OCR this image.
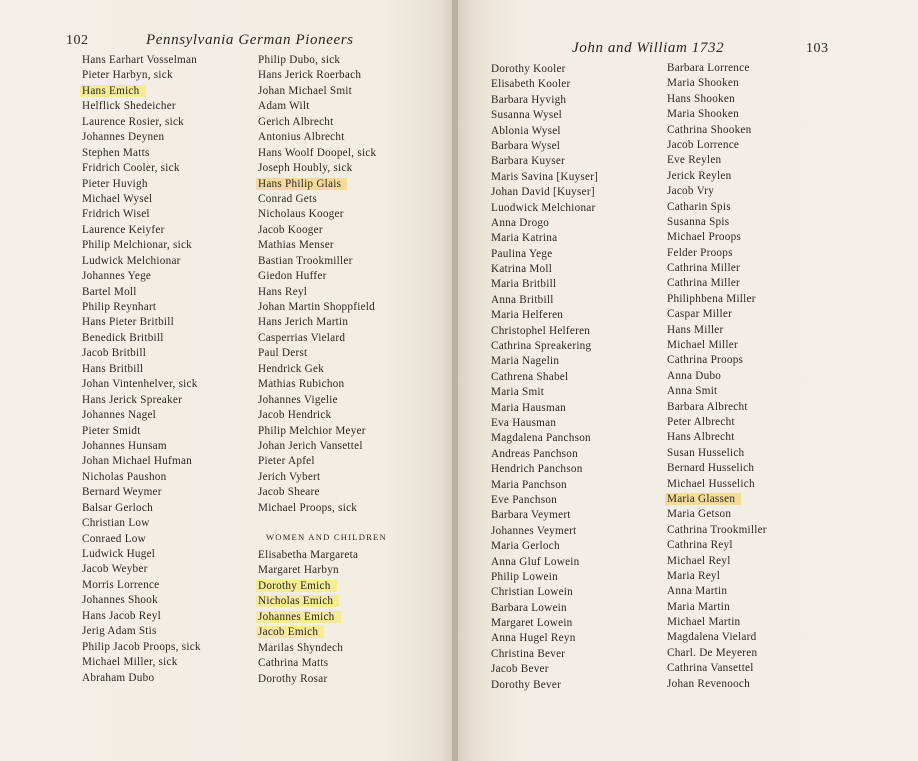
102	Pennsylvania German Pioneers
Hans Earhart Vosselman
Pieter Harbyn, sick
Hans Emich
Helflick Shedeicher
Laurence Rosier, sick
Johannes Deynen
Stephen Matts
Fridrich Cooler, sick
Pieter Huvigh
Michael Wysel
Fridrich Wisel
Laurence Keiyfer
Philip Melchionar, sick
Ludwick Melchionar
Johannes Yege
Bartel Moll
Philip Reynhart
Hans Pieter Britbill
Benedick Britbill
Jacob Britbill
Hans Britbill
Johan Vintenhelver, sick
Hans Jerick Spreaker
Johannes Nagel
Pieter Smidt
Johannes Hunsam
Johan Michael Hufman
Nicholas Paushon
Bernard Weymer
Balsar Gerloch
Christian Low
Conraed Low
Ludwick Hugel
Jacob Weyber
Morris Lorrence
Johannes Shook
Hans Jacob Reyl
Jerig Adam Stis
Philip Jacob Proops, sick
Michael Miller, sick
Abraham Dubo
Philip Dubo, sick
Hans Jerick Roerbach
Johan Michael Smit
Adam Wilt
Gerich Albrecht
Antonius Albrecht
Hans Woolf Doopel, sick
Joseph Houbly, sick
Hans Philip Glais
Conrad Gets
Nicholaus Kooger
Jacob Kooger
Mathias Menser
Bastian Trookmiller
Giedon Huffer
Hans Reyl
Johan Martin Shoppfield
Hans Jerich Martin
Casperrias Vielard
Paul Derst
Hendrick Gek
Mathias Rubichon
Johannes Vigelie
Jacob Hendrick
Philip Melchior Meyer
Johan Jerich Vansettel
Pieter Apfel
Jerich Vybert
Jacob Sheare
Michael Proops, sick
WOMEN AND CHILDREN
Elisabetha Margareta
Margaret Harbyn
Dorothy Emich
Nicholas Emich
Johannes Emich
Jacob Emich
Marilas Shyndech
Cathrina Matts
Dorothy Rosar
John and William 1732	103
Dorothy Kooler
Elisabeth Kooler
Barbara Hyvigh
Susanna Wysel
Ablonia Wysel
Barbara Wysel
Barbara Kuyser
Maris Savina [Kuyser]
Johan David [Kuyser]
Luodwick Melchionar
Anna Drogo
Maria Katrina
Paulina Yege
Katrina Moll
Maria Britbill
Anna Britbill
Maria Helferen
Christophel Helferen
Cathrina Spreakering
Maria Nagelin
Cathrena Shabel
Maria Smit
Maria Hausman
Eva Hausman
Magdalena Panchson
Andreas Panchson
Hendrich Panchson
Maria Panchson
Eve Panchson
Barbara Veymert
Johannes Veymert
Maria Gerloch
Anna Gluf Lowein
Philip Lowein
Christian Lowein
Barbara Lowein
Margaret Lowein
Anna Hugel Reyn
Christina Bever
Jacob Bever
Dorothy Bever
Barbara Lorrence
Maria Shooken
Hans Shooken
Maria Shooken
Cathrina Shooken
Jacob Lorrence
Eve Reylen
Jerick Reylen
Jacob Vry
Catharin Spis
Susanna Spis
Michael Proops
Felder Proops
Cathrina Miller
Cathrina Miller
Philiphbena Miller
Caspar Miller
Hans Miller
Michael Miller
Cathrina Proops
Anna Dubo
Anna Smit
Barbara Albrecht
Peter Albrecht
Hans Albrecht
Susan Husselich
Bernard Husselich
Michael Husselich
Maria Glassen
Maria Getson
Cathrina Trookmiller
Cathrina Reyl
Michael Reyl
Maria Reyl
Anna Martin
Maria Martin
Michael Martin
Magdalena Vielard
Charl. De Meyeren
Cathrina Vansettel
Johan Revenooch
